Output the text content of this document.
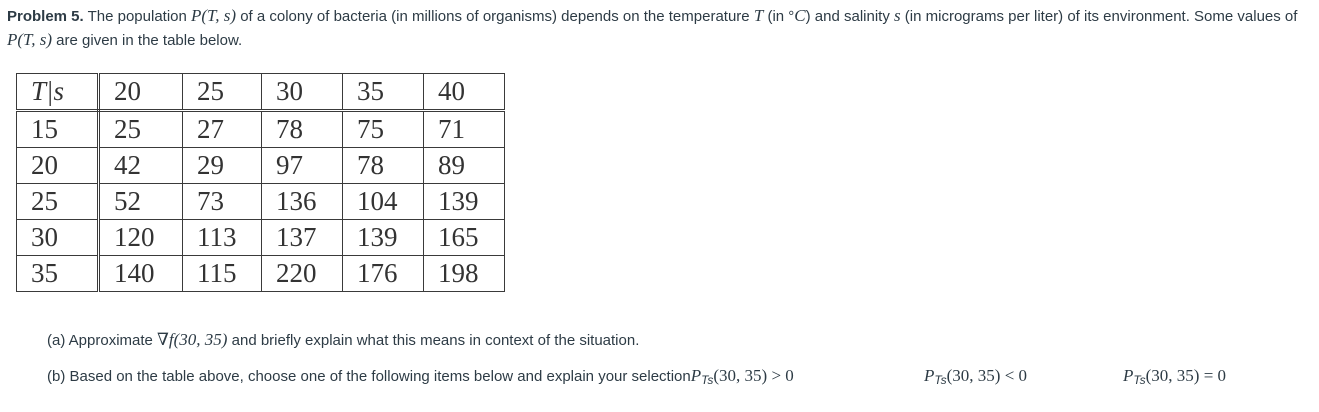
Problem 5. The population P(T, s) of a colony of bacteria (in millions of organisms) depends on the temperature T (in °C) and salinity s (in micrograms per liter) of its environment. Some values of P(T, s) are given in the table below.
T|s	20	25	30	35	40
15	25	27	78	75	71
20	42	29	97	78	89
25	52	73	136	104	139
30	120	113	137	139	165
35	140	115	220	176	198
(a) Approximate ∇f(30, 35) and briefly explain what this means in context of the situation.
(b) Based on the table above, choose one of the following items below and explain your selectionP$_{Ts}$(30, 35) > 0	$P_{Ts}(30$, 35) < 0	$P_{Ts}(30$, 35) = 0
